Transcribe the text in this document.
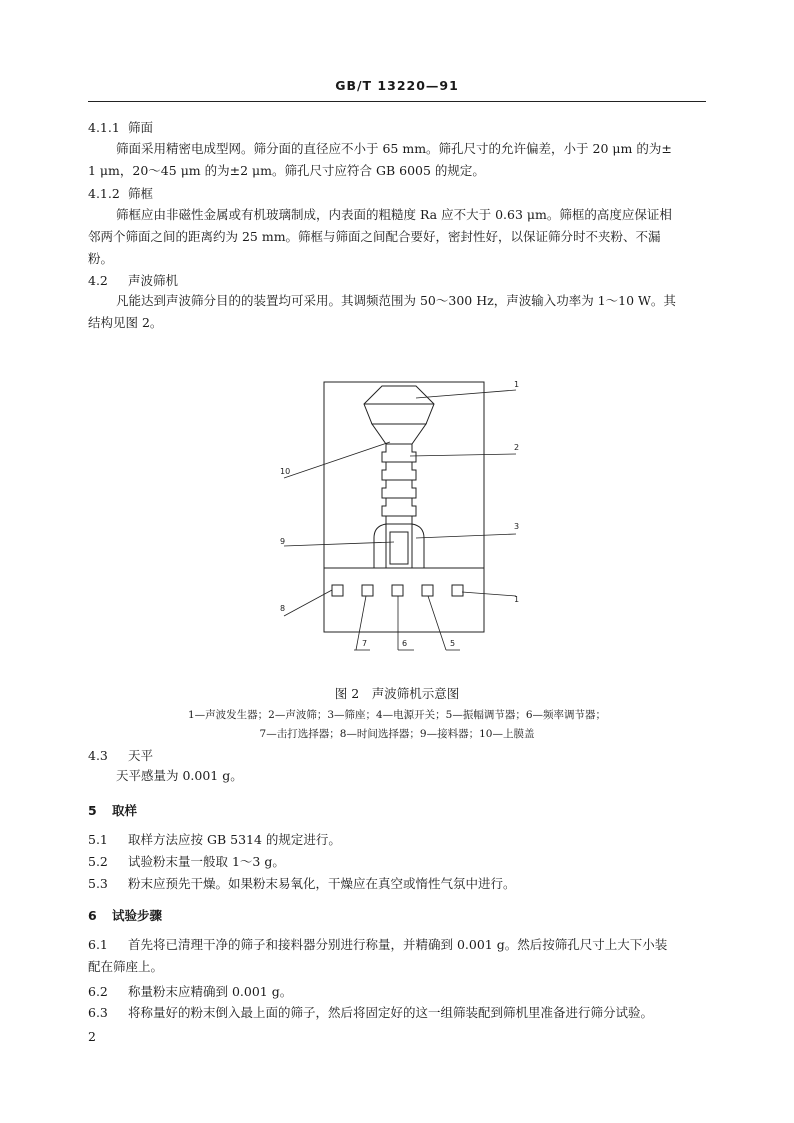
GB/T 13220—91
4.1.1 筛面
筛面采用精密电成型网。筛分面的直径应不小于 65 mm。筛孔尺寸的允许偏差，小于 20 μm 的为±
1 μm，20～45 μm 的为±2 μm。筛孔尺寸应符合 GB 6005 的规定。
4.1.2 筛框
筛框应由非磁性金属或有机玻璃制成，内表面的粗糙度 Ra 应不大于 0.63 μm。筛框的高度应保证相
邻两个筛面之间的距离约为 25 mm。筛框与筛面之间配合要好，密封性好，以保证筛分时不夹粉、不漏
粉。
4.2 声波筛机
凡能达到声波筛分目的的装置均可采用。其调频范围为 50～300 Hz，声波输入功率为 1～10 W。其
结构见图 2。
1
2
10
3
9
8
1
7	6	5
图 2　声波筛机示意图
1—声波发生器；2—声波筛；3—筛座；4—电源开关；5—振幅调节器；6—频率调节器；
7—击打选择器；8—时间选择器；9—接料器；10—上膜盖
4.3 天平
天平感量为 0.001 g。
5 取样
5.1 取样方法应按 GB 5314 的规定进行。
5.2 试验粉末量一般取 1～3 g。
5.3 粉末应预先干燥。如果粉末易氧化，干燥应在真空或惰性气氛中进行。
6 试验步骤
6.1 首先将已清理干净的筛子和接料器分别进行称量，并精确到 0.001 g。然后按筛孔尺寸上大下小装
配在筛座上。
6.2 称量粉末应精确到 0.001 g。
6.3 将称量好的粉末倒入最上面的筛子，然后将固定好的这一组筛装配到筛机里准备进行筛分试验。
2
